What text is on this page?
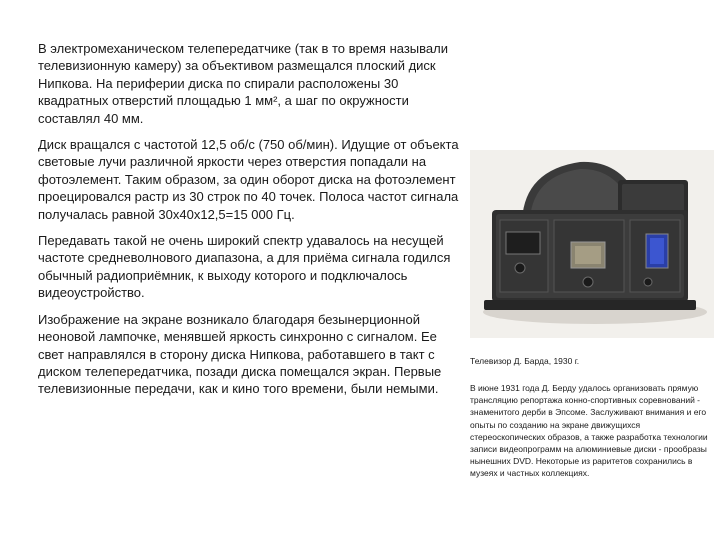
В электромеханическом телепередатчике (так в то время называли телевизионную камеру) за объективом размещался плоский диск Нипкова. На периферии диска по спирали расположены 30 квадратных отверстий площадью 1 мм², а шаг по окружности составлял 40 мм.

Диск вращался с частотой 12,5 об/с (750 об/мин). Идущие от объекта световые лучи различной яркости через отверстия попадали на фотоэлемент. Таким образом, за один оборот диска на фотоэлемент проецировался растр из 30 строк по 40 точек. Полоса частот сигнала получалась равной 30х40х12,5=15 000 Гц.

Передавать такой не очень широкий спектр удавалось на несущей частоте средневолнового диапазона, а для приёма сигнала годился обычный радиоприёмник, к выходу которого и подключалось видеоустройство.

Изображение на экране возникало благодаря безынерционной неоновой лампочке, менявшей яркость синхронно с сигналом. Ее свет направлялся в сторону диска Нипкова, работавшего в такт с диском телепередатчика, позади диска помещался экран. Первые телевизионные передачи, как и кино того времени, были немыми.

Телевизор Д. Барда, 1930 г.
В июне 1931 года Д. Берду удалось организовать прямую трансляцию репортажа конно-спортивных соревнований - знаменитого дерби в Эпсоме. Заслуживают внимания и его опыты по созданию на экране движущихся стереоскопических образов, а также разработка технологии записи видеопрограмм на алюминиевые диски - прообразы нынешних DVD. Некоторые из раритетов сохранились в музеях и частных коллекциях.
